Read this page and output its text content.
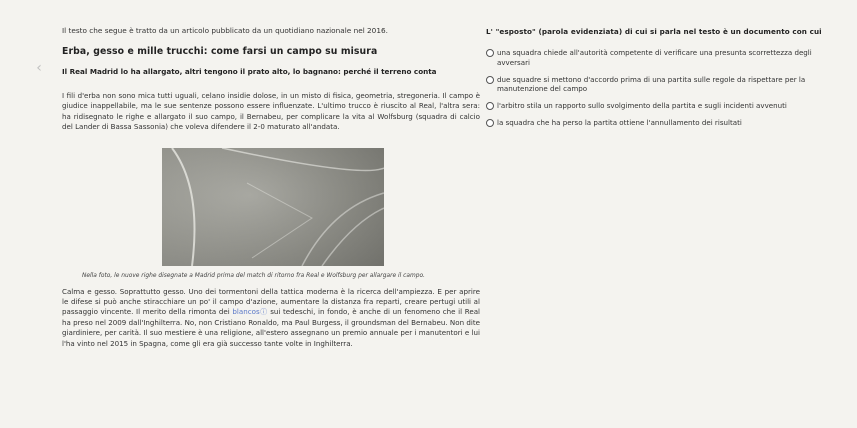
‹
Il testo che segue è tratto da un articolo pubblicato da un quotidiano nazionale nel 2016.
Erba, gesso e mille trucchi: come farsi un campo su misura
Il Real Madrid lo ha allargato, altri tengono il prato alto, lo bagnano: perché il terreno conta
I fili d'erba non sono mica tutti uguali, celano insidie dolose, in un misto di fisica, geometria, stregoneria. Il campo è giudice inappellabile, ma le sue sentenze possono essere influenzate. L'ultimo trucco è riuscito al Real, l'altra sera: ha ridisegnato le righe e allargato il suo campo, il Bernabeu, per complicare la vita al Wolfsburg (squadra di calcio del Lander di Bassa Sassonia) che voleva difendere il 2-0 maturato all'andata.
Nella foto, le nuove righe disegnate a Madrid prima del match di ritorno fra Real e Wolfsburg per allargare il campo.
Calma e gesso. Soprattutto gesso. Uno dei tormentoni della tattica moderna è la ricerca dell'ampiezza. E per aprire le difese si può anche stiracchiare un po' il campo d'azione, aumentare la distanza fra reparti, creare pertugi utili al passaggio vincente. Il merito della rimonta dei blancosⓘ sui tedeschi, in fondo, è anche di un fenomeno che il Real ha preso nel 2009 dall'Inghilterra. No, non Cristiano Ronaldo, ma Paul Burgess, il groundsman del Bernabeu. Non dite giardiniere, per carità. Il suo mestiere è una religione, all'estero assegnano un premio annuale per i manutentori e lui l'ha vinto nel 2015 in Spagna, come gli era già successo tante volte in Inghilterra.
L' "esposto" (parola evidenziata) di cui si parla nel testo è un documento con cui
una squadra chiede all'autorità competente di verificare una presunta scorrettezza degli avversari
due squadre si mettono d'accordo prima di una partita sulle regole da rispettare per la manutenzione del campo
l'arbitro stila un rapporto sullo svolgimento della partita e sugli incidenti avvenuti
la squadra che ha perso la partita ottiene l'annullamento dei risultati
